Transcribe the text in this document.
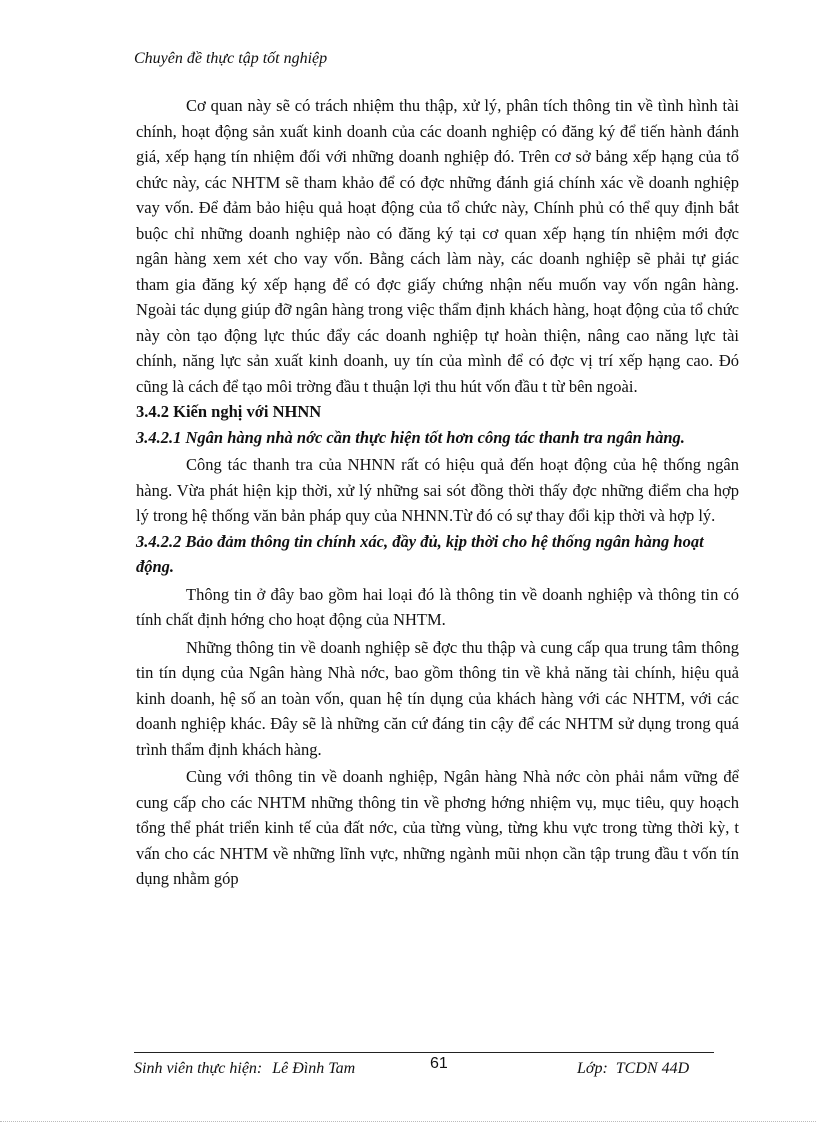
Chuyên đề thực tập tốt nghiệp

Cơ quan này sẽ có trách nhiệm thu thập, xử lý, phân tích thông tin về tình hình tài chính, hoạt động sản xuất kinh doanh của các doanh nghiệp có đăng ký để tiến hành đánh giá, xếp hạng tín nhiệm đối với những doanh nghiệp đó. Trên cơ sở bảng xếp hạng của tổ chức này, các NHTM sẽ tham khảo để có đợc những đánh giá chính xác về doanh nghiệp vay vốn. Để đảm bảo hiệu quả hoạt động của tổ chức này, Chính phủ có thể quy định bắt buộc chỉ những doanh nghiệp nào có đăng ký tại cơ quan xếp hạng tín nhiệm mới đợc ngân hàng xem xét cho vay vốn. Bằng cách làm này, các doanh nghiệp sẽ phải tự giác tham gia đăng ký xếp hạng để có đợc giấy chứng nhận nếu muốn vay vốn ngân hàng. Ngoài tác dụng giúp đỡ ngân hàng trong việc thẩm định khách hàng, hoạt động của tổ chức này còn tạo động lực thúc đẩy các doanh nghiệp tự hoàn thiện, nâng cao năng lực tài chính, năng lực sản xuất kinh doanh, uy tín của mình để có đợc vị trí xếp hạng cao. Đó cũng là cách để tạo môi trờng đầu t thuận lợi thu hút vốn đầu t từ bên ngoài.

3.4.2 Kiến nghị với NHNN
3.4.2.1 Ngân hàng nhà nớc cần thực hiện tốt hơn công tác thanh tra ngân hàng.

Công tác thanh tra của NHNN rất có hiệu quả đến hoạt động của hệ thống ngân hàng. Vừa phát hiện kịp thời, xử lý những sai sót đồng thời thấy đợc những điểm cha hợp lý trong hệ thống văn bản pháp quy của NHNN.Từ đó có sự thay đổi kịp thời và hợp lý.

3.4.2.2 Bảo đảm thông tin chính xác, đầy đủ, kịp thời cho hệ thống ngân hàng hoạt động.

Thông tin ở đây bao gồm hai loại đó là thông tin về doanh nghiệp và thông tin có tính chất định hớng cho hoạt động của NHTM.

Những thông tin về doanh nghiệp sẽ đợc thu thập và cung cấp qua trung tâm thông tin tín dụng của Ngân hàng Nhà nớc, bao gồm thông tin về khả năng tài chính, hiệu quả kinh doanh, hệ số an toàn vốn, quan hệ tín dụng của khách hàng với các NHTM, với các doanh nghiệp khác. Đây sẽ là những căn cứ đáng tin cậy để các NHTM sử dụng trong quá trình thẩm định khách hàng.

Cùng với thông tin về doanh nghiệp, Ngân hàng Nhà nớc còn phải nắm vững để cung cấp cho các NHTM những thông tin về phơng hớng nhiệm vụ, mục tiêu, quy hoạch tổng thể phát triển kinh tế của đất nớc, của từng vùng, từng khu vực trong từng thời kỳ, t vấn cho các NHTM về những lĩnh vực, những ngành mũi nhọn cần tập trung đầu t vốn tín dụng nhằm góp

Sinh viên thực hiện: Lê Đình Tam	61	Lớp: TCDN 44D
